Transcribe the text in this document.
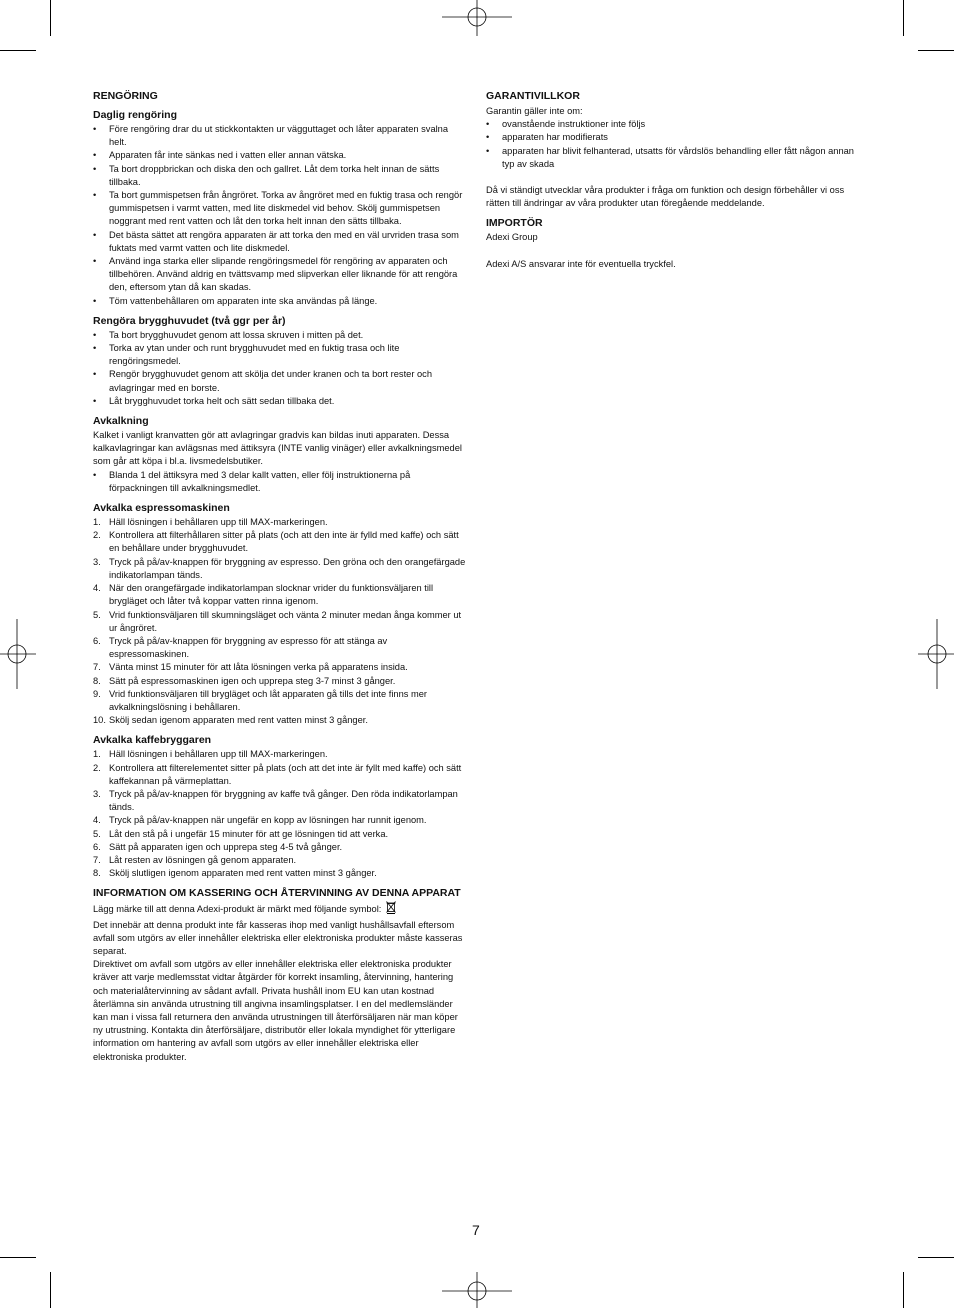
RENGÖRING
Daglig rengöring
• Före rengöring drar du ut stickkontakten ur vägguttaget och låter apparaten svalna helt.
• Apparaten får inte sänkas ned i vatten eller annan vätska.
• Ta bort droppbrickan och diska den och gallret. Låt dem torka helt innan de sätts tillbaka.
• Ta bort gummispetsen från ångröret. Torka av ångröret med en fuktig trasa och rengör gummispetsen i varmt vatten, med lite diskmedel vid behov. Skölj gummispetsen noggrant med rent vatten och låt den torka helt innan den sätts tillbaka.
• Det bästa sättet att rengöra apparaten är att torka den med en väl urvriden trasa som fuktats med varmt vatten och lite diskmedel.
• Använd inga starka eller slipande rengöringsmedel för rengöring av apparaten och tillbehören. Använd aldrig en tvättsvamp med slipverkan eller liknande för att rengöra den, eftersom ytan då kan skadas.
• Töm vattenbehållaren om apparaten inte ska användas på länge.
Rengöra brygghuvudet (två ggr per år)
• Ta bort brygghuvudet genom att lossa skruven i mitten på det.
• Torka av ytan under och runt brygghuvudet med en fuktig trasa och lite rengöringsmedel.
• Rengör brygghuvudet genom att skölja det under kranen och ta bort rester och avlagringar med en borste.
• Låt brygghuvudet torka helt och sätt sedan tillbaka det.
Avkalkning

Kalket i vanligt kranvatten gör att avlagringar gradvis kan bildas inuti apparaten. Dessa kalkavlagringar kan avlägsnas med ättiksyra (INTE vanlig vinäger) eller avkalkningsmedel som går att köpa i bl.a. livsmedelsbutiker.

• Blanda 1 del ättiksyra med 3 delar kallt vatten, eller följ instruktionerna på förpackningen till avkalkningsmedlet.
Avkalka espressomaskinen
1. Häll lösningen i behållaren upp till MAX-markeringen.
2. Kontrollera att filterhållaren sitter på plats (och att den inte är fylld med kaffe) och sätt en behållare under brygghuvudet.
3. Tryck på på/av-knappen för bryggning av espresso. Den gröna och den orangefärgade indikatorlampan tänds.
4. När den orangefärgade indikatorlampan slocknar vrider du funktionsväljaren till brygläget och låter två koppar vatten rinna igenom.
5. Vrid funktionsväljaren till skumningsläget och vänta 2 minuter medan ånga kommer ut ur ångröret.
6. Tryck på på/av-knappen för bryggning av espresso för att stänga av espressomaskinen.
7. Vänta minst 15 minuter för att låta lösningen verka på apparatens insida.
8. Sätt på espressomaskinen igen och upprepa steg 3-7 minst 3 gånger.
9. Vrid funktionsväljaren till brygläget och låt apparaten gå tills det inte finns mer avkalkningslösning i behållaren.
10. Skölj sedan igenom apparaten med rent vatten minst 3 gånger.
Avkalka kaffebryggaren
1. Häll lösningen i behållaren upp till MAX-markeringen.
2. Kontrollera att filterelementet sitter på plats (och att det inte är fyllt med kaffe) och sätt kaffekannan på värmeplattan.
3. Tryck på på/av-knappen för bryggning av kaffe två gånger. Den röda indikatorlampan tänds.
4. Tryck på på/av-knappen när ungefär en kopp av lösningen har runnit igenom.
5. Låt den stå på i ungefär 15 minuter för att ge lösningen tid att verka.
6. Sätt på apparaten igen och upprepa steg 4-5 två gånger.
7. Låt resten av lösningen gå genom apparaten.
8. Skölj slutligen igenom apparaten med rent vatten minst 3 gånger.
INFORMATION OM KASSERING OCH ÅTERVINNING AV DENNA APPARAT

Lägg märke till att denna Adexi-produkt är märkt med följande symbol:

Det innebär att denna produkt inte får kasseras ihop med vanligt hushållsavfall eftersom avfall som utgörs av eller innehåller elektriska eller elektroniska produkter måste kasseras separat.

Direktivet om avfall som utgörs av eller innehåller elektriska eller elektroniska produkter kräver att varje medlemsstat vidtar åtgärder för korrekt insamling, återvinning, hantering och materialåtervinning av sådant avfall. Privata hushåll inom EU kan utan kostnad återlämna sin använda utrustning till angivna insamlingsplatser. I en del medlemsländer kan man i vissa fall returnera den använda utrustningen till återförsäljaren när man köper ny utrustning. Kontakta din återförsäljare, distributör eller lokala myndighet för ytterligare information om hantering av avfall som utgörs av eller innehåller elektriska eller elektroniska produkter.

GARANTIVILLKOR

Garantin gäller inte om:

• ovanstående instruktioner inte följs
• apparaten har modifierats
• apparaten har blivit felhanterad, utsatts för vårdslös behandling eller fått någon annan typ av skada

Då vi ständigt utvecklar våra produkter i fråga om funktion och design förbehåller vi oss rätten till ändringar av våra produkter utan föregående meddelande.

IMPORTÖR

Adexi Group

Adexi A/S ansvarar inte för eventuella tryckfel.

7
